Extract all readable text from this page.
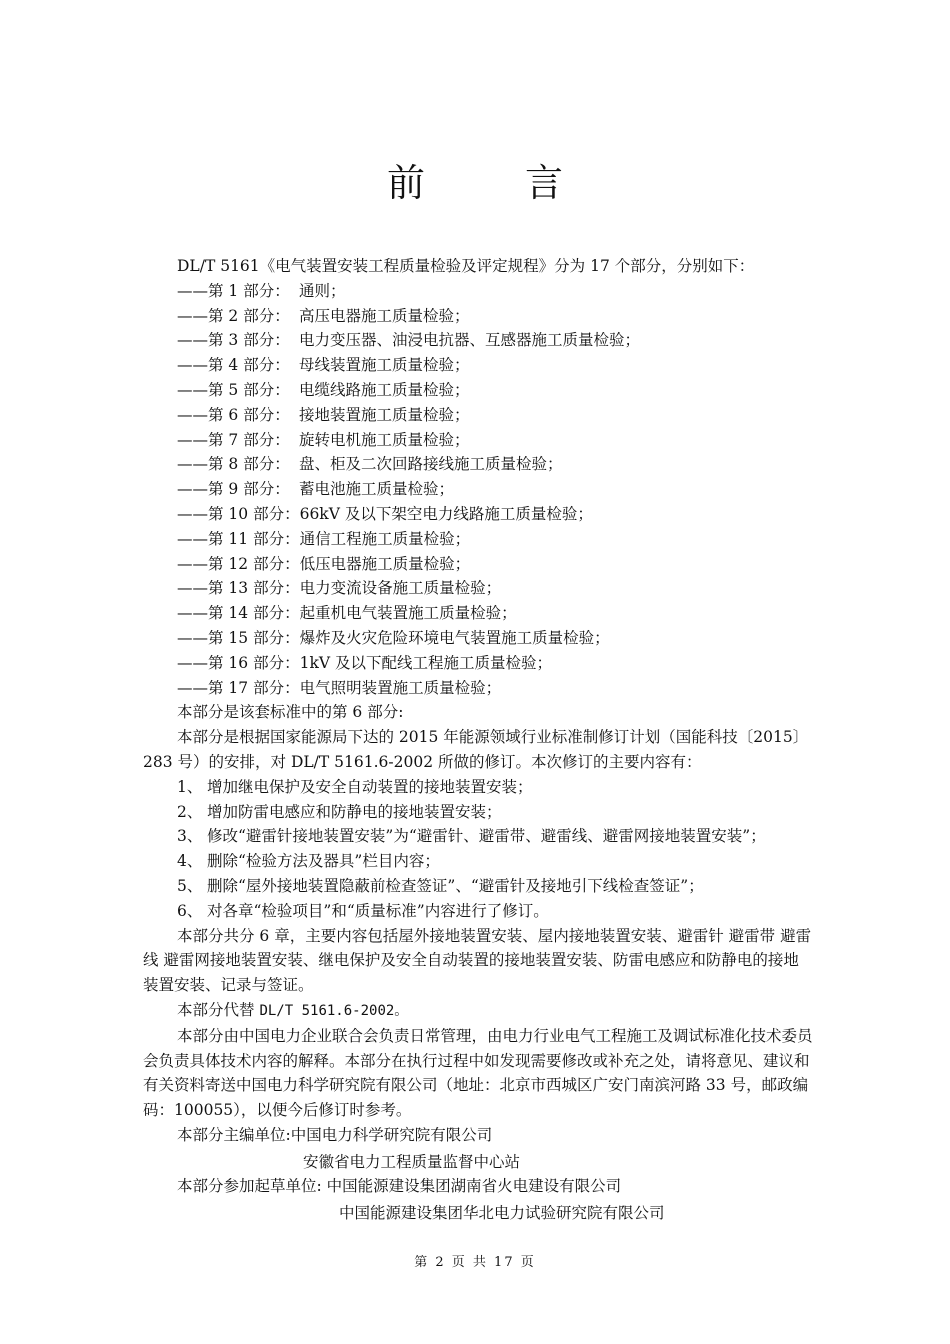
前 言

DL/T 5161《电气装置安装工程质量检验及评定规程》分为 17 个部分，分别如下：

——第 1 部分： 通则；
——第 2 部分： 高压电器施工质量检验；
——第 3 部分： 电力变压器、油浸电抗器、互感器施工质量检验；
——第 4 部分： 母线装置施工质量检验；
——第 5 部分： 电缆线路施工质量检验；
——第 6 部分： 接地装置施工质量检验；
——第 7 部分： 旋转电机施工质量检验；
——第 8 部分： 盘、柜及二次回路接线施工质量检验；
——第 9 部分： 蓄电池施工质量检验；
——第 10 部分： 66kV 及以下架空电力线路施工质量检验；
——第 11 部分： 通信工程施工质量检验；
——第 12 部分： 低压电器施工质量检验；
——第 13 部分： 电力变流设备施工质量检验；
——第 14 部分： 起重机电气装置施工质量检验；
——第 15 部分： 爆炸及火灾危险环境电气装置施工质量检验；
——第 16 部分： 1kV 及以下配线工程施工质量检验；
——第 17 部分： 电气照明装置施工质量检验；

本部分是该套标准中的第 6 部分:

本部分是根据国家能源局下达的 2015 年能源领域行业标准制修订计划（国能科技〔2015〕283 号）的安排，对 DL/T 5161.6-2002 所做的修订。本次修订的主要内容有：

1、 增加继电保护及安全自动装置的接地装置安装；
2、 增加防雷电感应和防静电的接地装置安装；
3、 修改“避雷针接地装置安装”为“避雷针、避雷带、避雷线、避雷网接地装置安装”；
4、 删除“检验方法及器具”栏目内容；
5、 删除“屋外接地装置隐蔽前检查签证”、“避雷针及接地引下线检查签证”；
6、 对各章“检验项目”和“质量标准”内容进行了修订。

本部分共分 6 章，主要内容包括屋外接地装置安装、屋内接地装置安装、避雷针 避雷带 避雷线 避雷网接地装置安装、继电保护及安全自动装置的接地装置安装、防雷电感应和防静电的接地装置安装、记录与签证。

本部分代替 DL/T 5161.6-2002。

本部分由中国电力企业联合会负责日常管理，由电力行业电气工程施工及调试标准化技术委员会负责具体技术内容的解释。本部分在执行过程中如发现需要修改或补充之处，请将意见、建议和有关资料寄送中国电力科学研究院有限公司（地址：北京市西城区广安门南滨河路 33 号，邮政编码：100055），以便今后修订时参考。

本部分主编单位:中国电力科学研究院有限公司

安徽省电力工程质量监督中心站

本部分参加起草单位: 中国能源建设集团湖南省火电建设有限公司

中国能源建设集团华北电力试验研究院有限公司

第 2 页 共 17 页
